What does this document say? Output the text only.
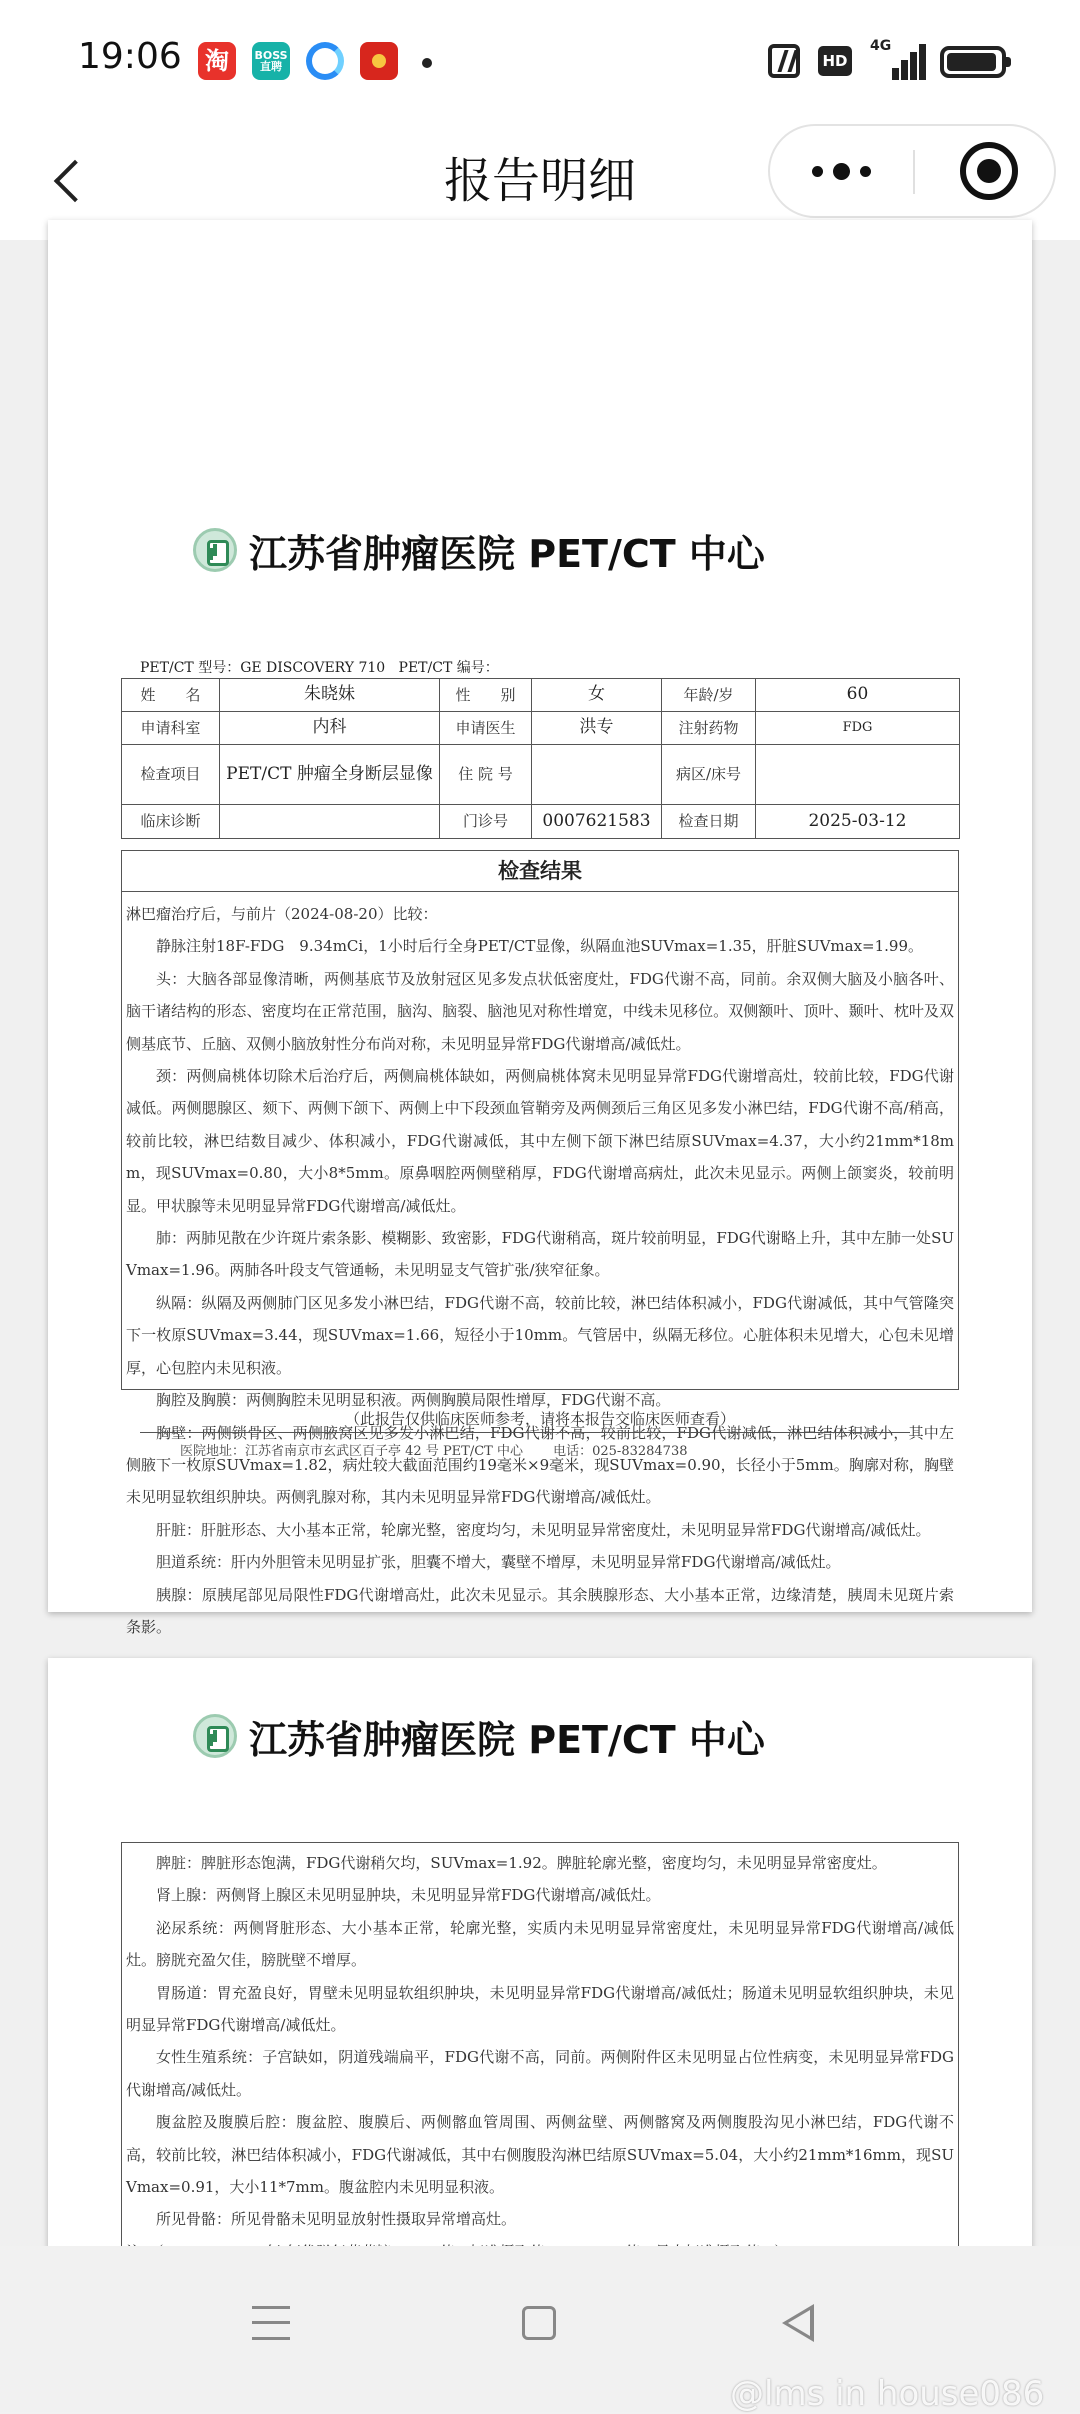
19:06 淘	BOSS直聘	HD
4G
报告明细
江苏省肿瘤医院 PET/CT 中心
PET/CT 型号：GE DISCOVERY 710   PET/CT 编号：
姓　　名	朱晓妹	性　　别	女	年龄/岁	60
申请科室	内科	申请医生	洪专	注射药物	FDG
检查项目	PET/CT 肿瘤全身断层显像	住 院 号		病区/床号	
临床诊断		门诊号	0007621583	检查日期	2025-03-12
检查结果

淋巴瘤治疗后，与前片（2024-08-20）比较：

静脉注射18F-FDG　9.34mCi，1小时后行全身PET/CT显像，纵隔血池SUVmax=1.35，肝脏SUVmax=1.99。

头：大脑各部显像清晰，两侧基底节及放射冠区见多发点状低密度灶，FDG代谢不高，同前。余双侧大脑及小脑各叶、脑干诸结构的形态、密度均在正常范围，脑沟、脑裂、脑池见对称性增宽，中线未见移位。双侧额叶、顶叶、颞叶、枕叶及双侧基底节、丘脑、双侧小脑放射性分布尚对称，未见明显异常FDG代谢增高/减低灶。

颈：两侧扁桃体切除术后治疗后，两侧扁桃体缺如，两侧扁桃体窝未见明显异常FDG代谢增高灶，较前比较，FDG代谢减低。两侧腮腺区、颏下、两侧下颌下、两侧上中下段颈血管鞘旁及两侧颈后三角区见多发小淋巴结，FDG代谢不高/稍高，较前比较，淋巴结数目减少、体积减小，FDG代谢减低，其中左侧下颌下淋巴结原SUVmax=4.37，大小约21mm*18mm，现SUVmax=0.80，大小8*5mm。原鼻咽腔两侧壁稍厚，FDG代谢增高病灶，此次未见显示。两侧上颌窦炎，较前明显。甲状腺等未见明显异常FDG代谢增高/减低灶。

肺：两肺见散在少许斑片索条影、模糊影、致密影，FDG代谢稍高，斑片较前明显，FDG代谢略上升，其中左肺一处SUVmax=1.96。两肺各叶段支气管通畅，未见明显支气管扩张/狭窄征象。

纵隔：纵隔及两侧肺门区见多发小淋巴结，FDG代谢不高，较前比较，淋巴结体积减小，FDG代谢减低，其中气管隆突下一枚原SUVmax=3.44，现SUVmax=1.66，短径小于10mm。气管居中，纵隔无移位。心脏体积未见增大，心包未见增厚，心包腔内未见积液。

胸腔及胸膜：两侧胸腔未见明显积液。两侧胸膜局限性增厚，FDG代谢不高。

胸壁：两侧锁骨区、两侧腋窝区见多发小淋巴结，FDG代谢不高，较前比较，FDG代谢减低，淋巴结体积减小，其中左侧腋下一枚原SUVmax=1.82，病灶较大截面范围约19毫米×9毫米，现SUVmax=0.90，长径小于5mm。胸廓对称，胸壁未见明显软组织肿块。两侧乳腺对称，其内未见明显异常FDG代谢增高/减低灶。

肝脏：肝脏形态、大小基本正常，轮廓光整，密度均匀，未见明显异常密度灶，未见明显异常FDG代谢增高/减低灶。

胆道系统：肝内外胆管未见明显扩张，胆囊不增大，囊壁不增厚，未见明显异常FDG代谢增高/减低灶。

胰腺：原胰尾部见局限性FDG代谢增高灶，此次未见显示。其余胰腺形态、大小基本正常，边缘清楚，胰周未见斑片索条影。

（此报告仅供临床医师参考，请将本报告交临床医师查看）
医院地址：江苏省南京市玄武区百子亭 42 号 PET/CT 中心　　 电话：025-83284738
江苏省肿瘤医院 PET/CT 中心

脾脏：脾脏形态饱满，FDG代谢稍欠均，SUVmax=1.92。脾脏轮廓光整，密度均匀，未见明显异常密度灶。

肾上腺：两侧肾上腺区未见明显肿块，未见明显异常FDG代谢增高/减低灶。

泌尿系统：两侧肾脏形态、大小基本正常，轮廓光整，实质内未见明显异常密度灶，未见明显异常FDG代谢增高/减低灶。膀胱充盈欠佳，膀胱壁不增厚。

胃肠道：胃充盈良好，胃壁未见明显软组织肿块，未见明显异常FDG代谢增高/减低灶；肠道未见明显软组织肿块，未见明显异常FDG代谢增高/减低灶。

女性生殖系统：子宫缺如，阴道残端扁平，FDG代谢不高，同前。两侧附件区未见明显占位性病变，未见明显异常FDG代谢增高/减低灶。

腹盆腔及腹膜后腔：腹盆腔、腹膜后、两侧髂血管周围、两侧盆壁、两侧髂窝及两侧腹股沟见小淋巴结，FDG代谢不高，较前比较，淋巴结体积减小，FDG代谢减低，其中右侧腹股沟淋巴结原SUVmax=5.04，大小约21mm*16mm，现SUVmax=0.91，大小11*7mm。腹盆腔内未见明显积液。

所见骨骼：所见骨骼未见明显放射性摄取异常增高灶。

@lms in house086
